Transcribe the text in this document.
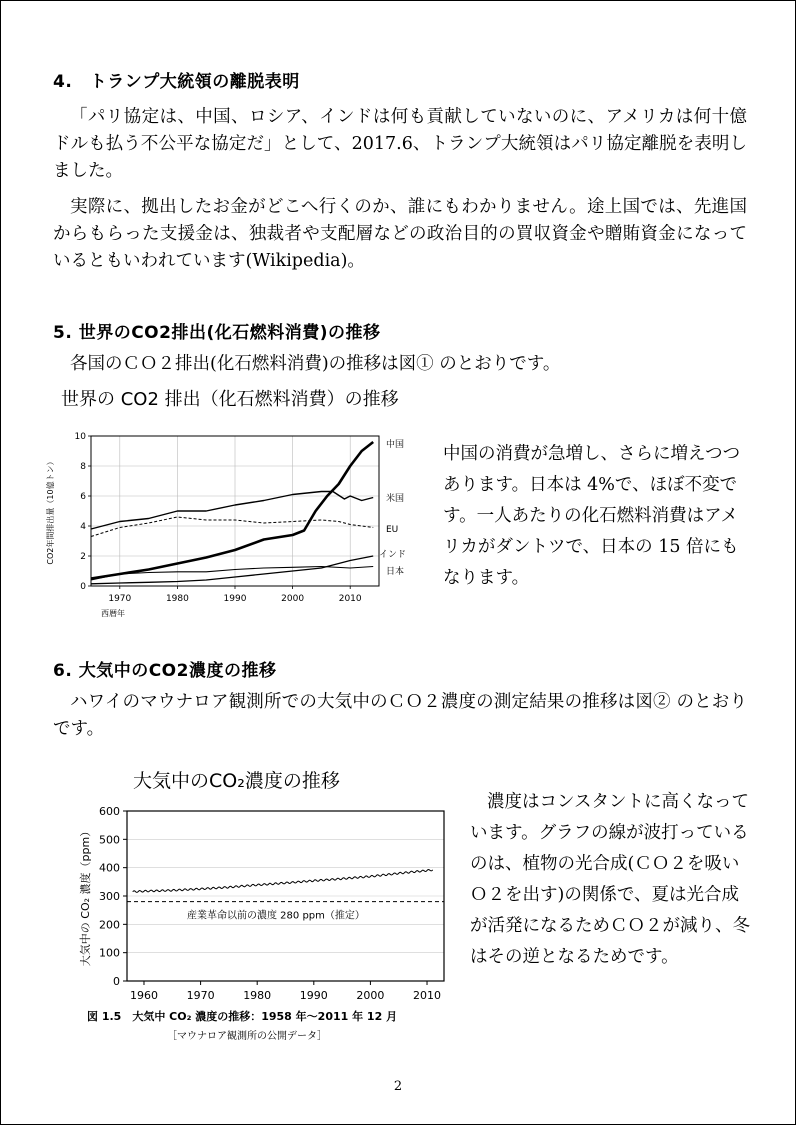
4.　トランプ大統領の離脱表明
「パリ協定は、中国、ロシア、インドは何も貢献していないのに、アメリカは何十億ドルも払う不公平な協定だ」として、2017.6、トランプ大統領はパリ協定離脱を表明しました。
実際に、拠出したお金がどこへ行くのか、誰にもわかりません。途上国では、先進国からもらった支援金は、独裁者や支配層などの政治目的の買収資金や贈賄資金になっているともいわれています(Wikipedia)。
5. 世界のCO2排出(化石燃料消費)の推移
各国のＣＯ２排出(化石燃料消費)の推移は図① のとおりです。
世界の CO2 排出（化石燃料消費）の推移
0
2
4
6
8
10
1970	1980	1990	2000	2010
中国
米国
EU
インド
日本
CO2年間排出量（10億トン）
西暦年
中国の消費が急増し、さらに増えつつあります。日本は 4%で、ほぼ不変です。一人あたりの化石燃料消費はアメリカがダントツで、日本の 15 倍にもなります。
6. 大気中のCO2濃度の推移
ハワイのマウナロア観測所での大気中のＣＯ２濃度の測定結果の推移は図② のとおりです。
大気中のCO₂濃度の推移
0
100
200
300
400
500
600
1960	1970	1980	1990	2000	2010
産業革命以前の濃度 280 ppm（推定）
大気中の CO₂ 濃度（ppm）
図 1.5　大気中 CO₂ 濃度の推移：1958 年〜2011 年 12 月
［マウナロア観測所の公開データ］
濃度はコンスタントに高くなっています。グラフの線が波打っているのは、植物の光合成(ＣＯ２を吸いＯ２を出す)の関係で、夏は光合成が活発になるためＣＯ２が減り、冬はその逆となるためです。
2
